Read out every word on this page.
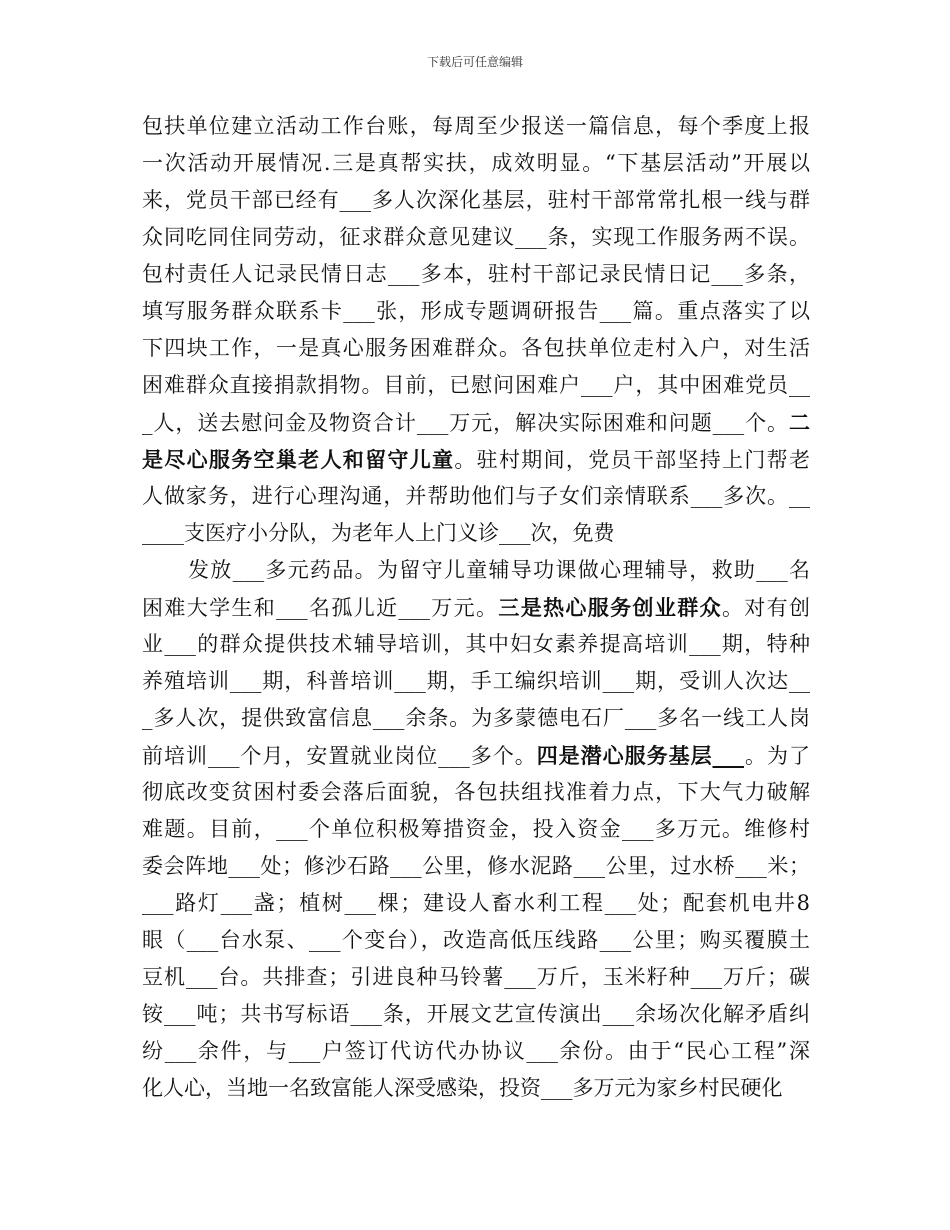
下载后可任意编辑
包扶单位建立活动工作台账，每周至少报送一篇信息，每个季度上报
一次活动开展情况.三是真帮实扶，成效明显。“下基层活动”开展以
来，党员干部已经有___多人次深化基层，驻村干部常常扎根一线与群
众同吃同住同劳动，征求群众意见建议___条，实现工作服务两不误。
包村责任人记录民情日志___多本，驻村干部记录民情日记___多条，
填写服务群众联系卡___张，形成专题调研报告___篇。重点落实了以
下四块工作，一是真心服务困难群众。各包扶单位走村入户，对生活
困难群众直接捐款捐物。目前，已慰问困难户___户，其中困难党员__
_人，送去慰问金及物资合计___万元，解决实际困难和问题___个。二
是尽心服务空巢老人和留守儿童。驻村期间，党员干部坚持上门帮老
人做家务，进行心理沟通，并帮助他们与子女们亲情联系___多次。__
____支医疗小分队，为老年人上门义诊___次，免费
发放___多元药品。为留守儿童辅导功课做心理辅导，救助___名
困难大学生和___名孤儿近___万元。三是热心服务创业群众。对有创
业___的群众提供技术辅导培训，其中妇女素养提高培训___期，特种
养殖培训___期，科普培训___期，手工编织培训___期，受训人次达__
_多人次，提供致富信息___余条。为多蒙德电石厂___多名一线工人岗
前培训___个月，安置就业岗位___多个。四是潜心服务基层___。为了
彻底改变贫困村委会落后面貌，各包扶组找准着力点，下大气力破解
难题。目前，___个单位积极筹措资金，投入资金___多万元。维修村
委会阵地___处；修沙石路___公里，修水泥路___公里，过水桥___米；
___路灯___盏；植树___棵；建设人畜水利工程___处；配套机电井8
眼（___台水泵、___个变台），改造高低压线路___公里；购买覆膜土
豆机___台。共排查；引进良种马铃薯___万斤，玉米籽种___万斤；碳
铵___吨；共书写标语___条，开展文艺宣传演出___余场次化解矛盾纠
纷___余件，与___户签订代访代办协议___余份。由于“民心工程”深
化人心，当地一名致富能人深受感染，投资___多万元为家乡村民硬化
